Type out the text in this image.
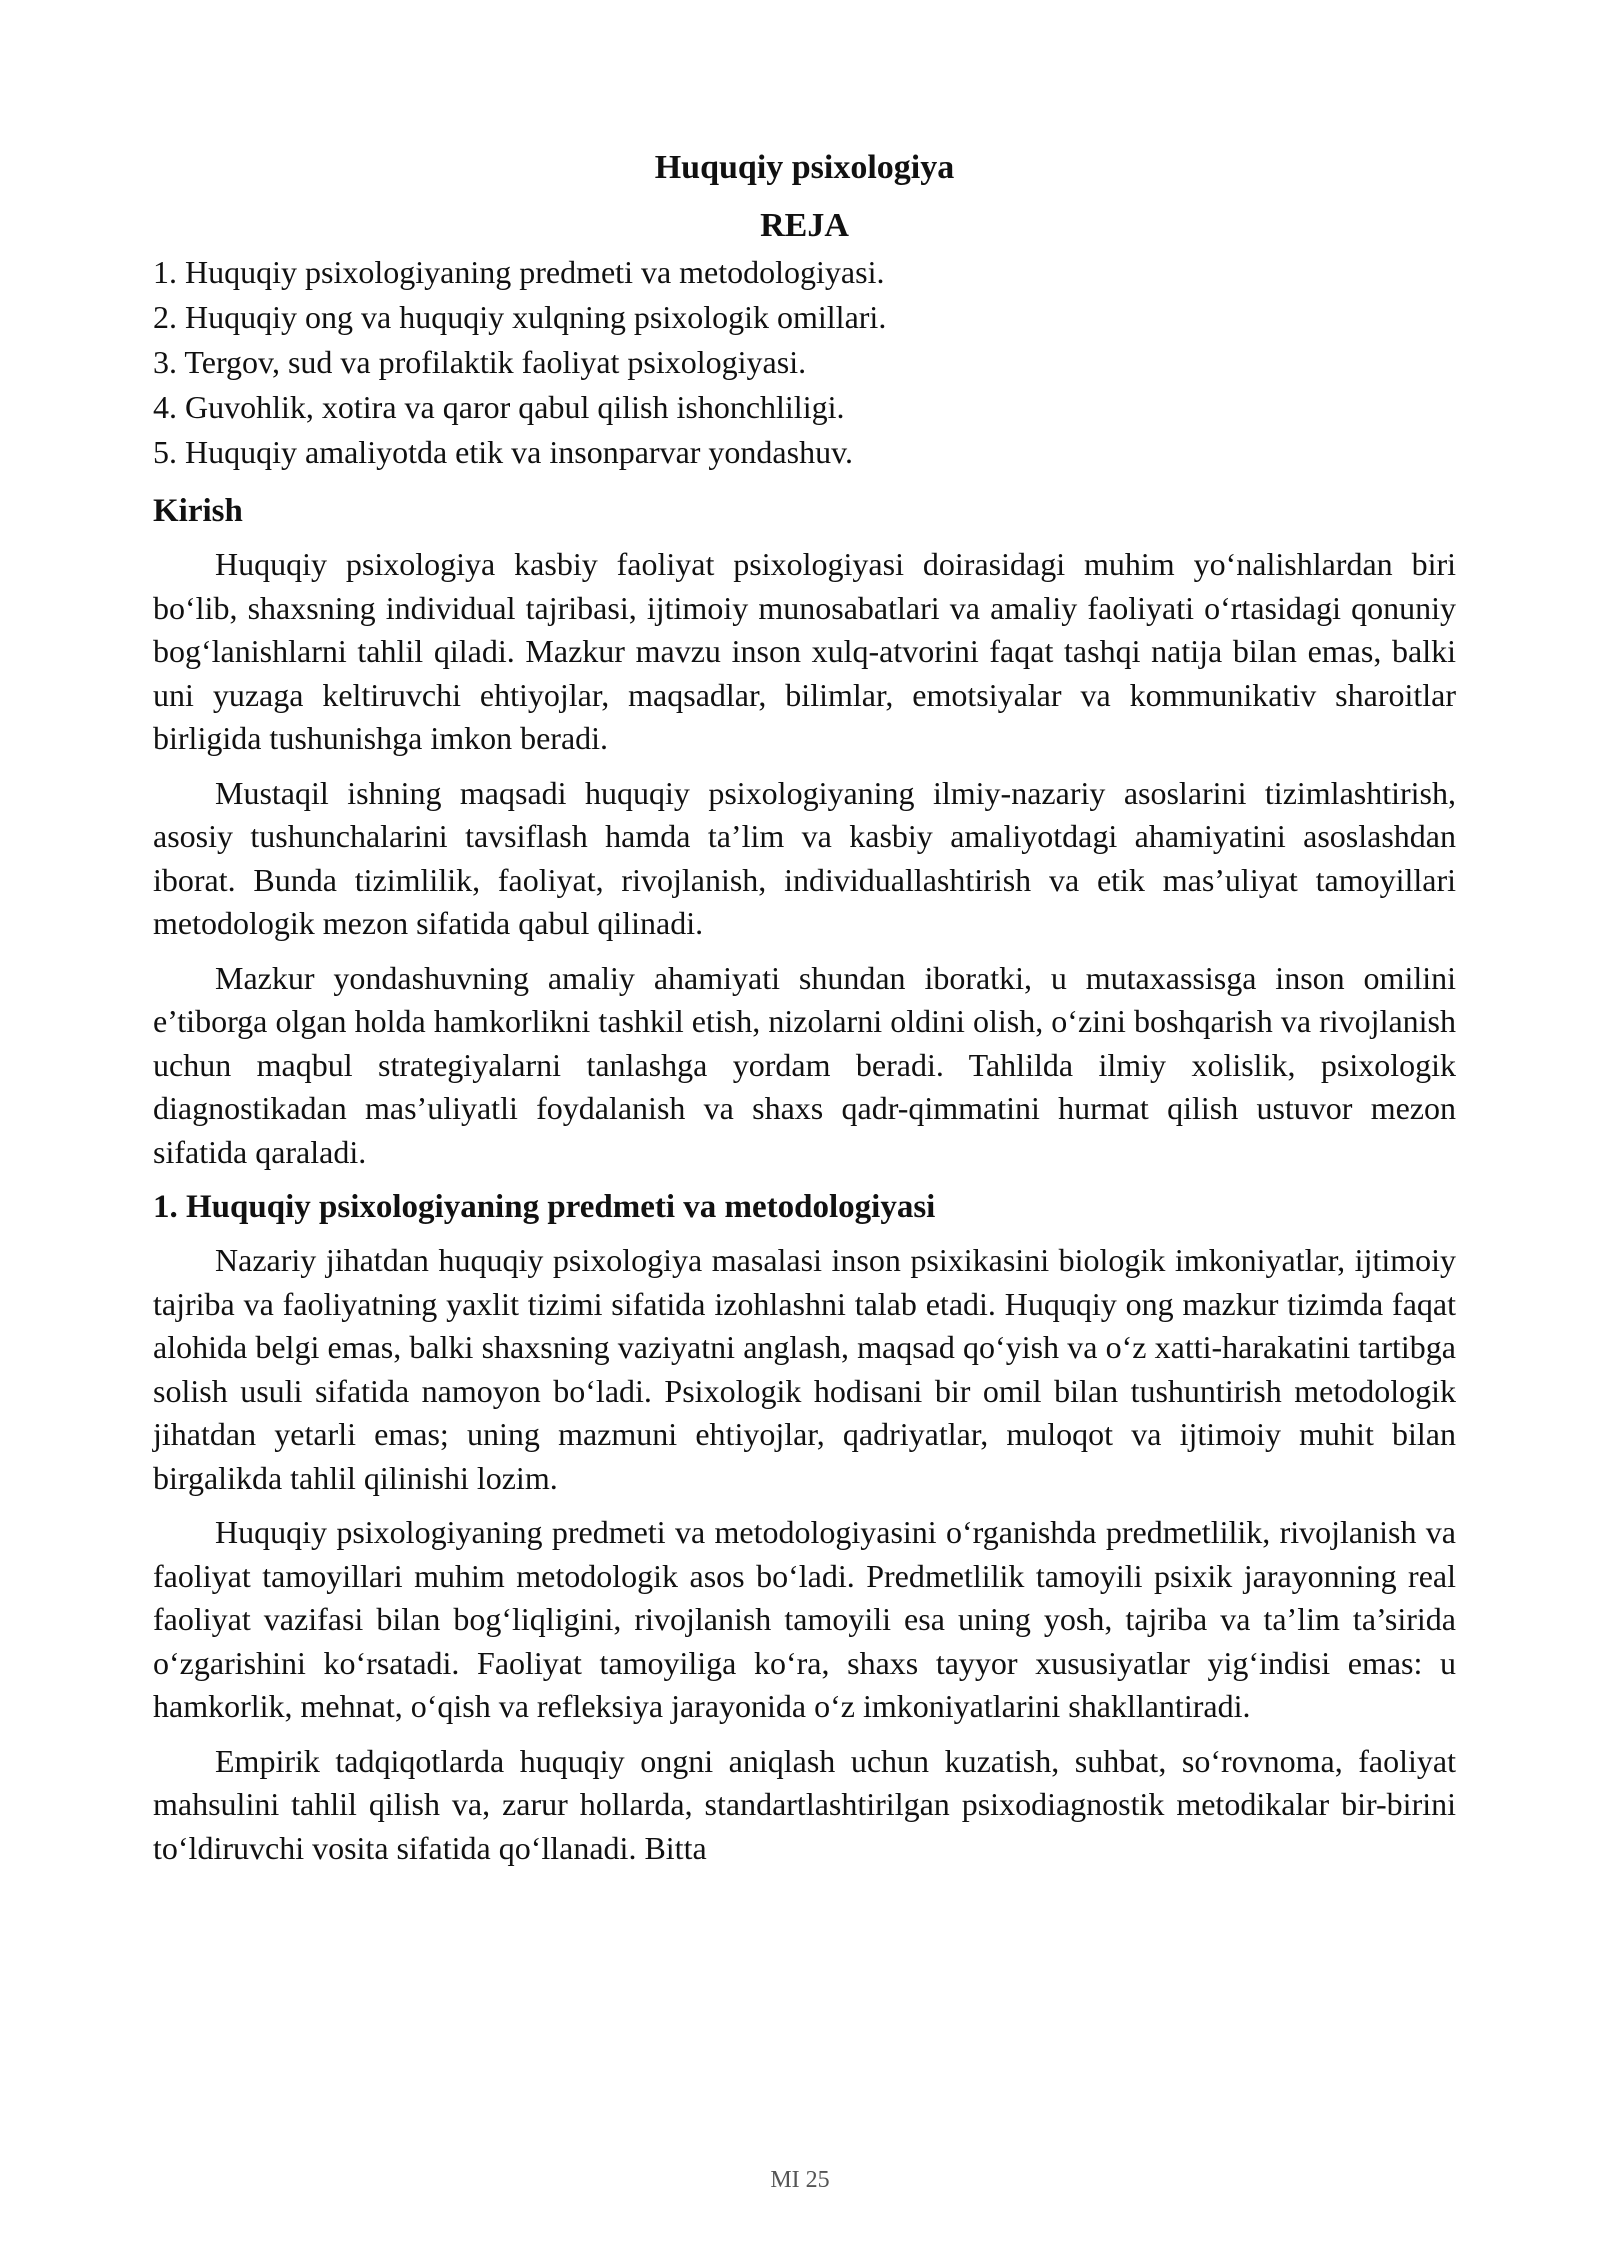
Huquqiy psixologiya
REJA
1. Huquqiy psixologiyaning predmeti va metodologiyasi.
2. Huquqiy ong va huquqiy xulqning psixologik omillari.
3. Tergov, sud va profilaktik faoliyat psixologiyasi.
4. Guvohlik, xotira va qaror qabul qilish ishonchliligi.
5. Huquqiy amaliyotda etik va insonparvar yondashuv.
Kirish

Huquqiy psixologiya kasbiy faoliyat psixologiyasi doirasidagi muhim yo‘nalishlardan biri bo‘lib, shaxsning individual tajribasi, ijtimoiy munosabatlari va amaliy faoliyati o‘rtasidagi qonuniy bog‘lanishlarni tahlil qiladi. Mazkur mavzu inson xulq-atvorini faqat tashqi natija bilan emas, balki uni yuzaga keltiruvchi ehtiyojlar, maqsadlar, bilimlar, emotsiyalar va kommunikativ sharoitlar birligida tushunishga imkon beradi.

Mustaqil ishning maqsadi huquqiy psixologiyaning ilmiy-nazariy asoslarini tizimlashtirish, asosiy tushunchalarini tavsiflash hamda ta’lim va kasbiy amaliyotdagi ahamiyatini asoslashdan iborat. Bunda tizimlilik, faoliyat, rivojlanish, individuallashtirish va etik mas’uliyat tamoyillari metodologik mezon sifatida qabul qilinadi.

Mazkur yondashuvning amaliy ahamiyati shundan iboratki, u mutaxassisga inson omilini e’tiborga olgan holda hamkorlikni tashkil etish, nizolarni oldini olish, o‘zini boshqarish va rivojlanish uchun maqbul strategiyalarni tanlashga yordam beradi. Tahlilda ilmiy xolislik, psixologik diagnostikadan mas’uliyatli foydalanish va shaxs qadr-qimmatini hurmat qilish ustuvor mezon sifatida qaraladi.

1. Huquqiy psixologiyaning predmeti va metodologiyasi

Nazariy jihatdan huquqiy psixologiya masalasi inson psixikasini biologik imkoniyatlar, ijtimoiy tajriba va faoliyatning yaxlit tizimi sifatida izohlashni talab etadi. Huquqiy ong mazkur tizimda faqat alohida belgi emas, balki shaxsning vaziyatni anglash, maqsad qo‘yish va o‘z xatti-harakatini tartibga solish usuli sifatida namoyon bo‘ladi. Psixologik hodisani bir omil bilan tushuntirish metodologik jihatdan yetarli emas; uning mazmuni ehtiyojlar, qadriyatlar, muloqot va ijtimoiy muhit bilan birgalikda tahlil qilinishi lozim.

Huquqiy psixologiyaning predmeti va metodologiyasini o‘rganishda predmetlilik, rivojlanish va faoliyat tamoyillari muhim metodologik asos bo‘ladi. Predmetlilik tamoyili psixik jarayonning real faoliyat vazifasi bilan bog‘liqligini, rivojlanish tamoyili esa uning yosh, tajriba va ta’lim ta’sirida o‘zgarishini ko‘rsatadi. Faoliyat tamoyiliga ko‘ra, shaxs tayyor xususiyatlar yig‘indisi emas: u hamkorlik, mehnat, o‘qish va refleksiya jarayonida o‘z imkoniyatlarini shakllantiradi.

Empirik tadqiqotlarda huquqiy ongni aniqlash uchun kuzatish, suhbat, so‘rovnoma, faoliyat mahsulini tahlil qilish va, zarur hollarda, standartlashtirilgan psixodiagnostik metodikalar bir-birini to‘ldiruvchi vosita sifatida qo‘llanadi. Bitta

MI 25
